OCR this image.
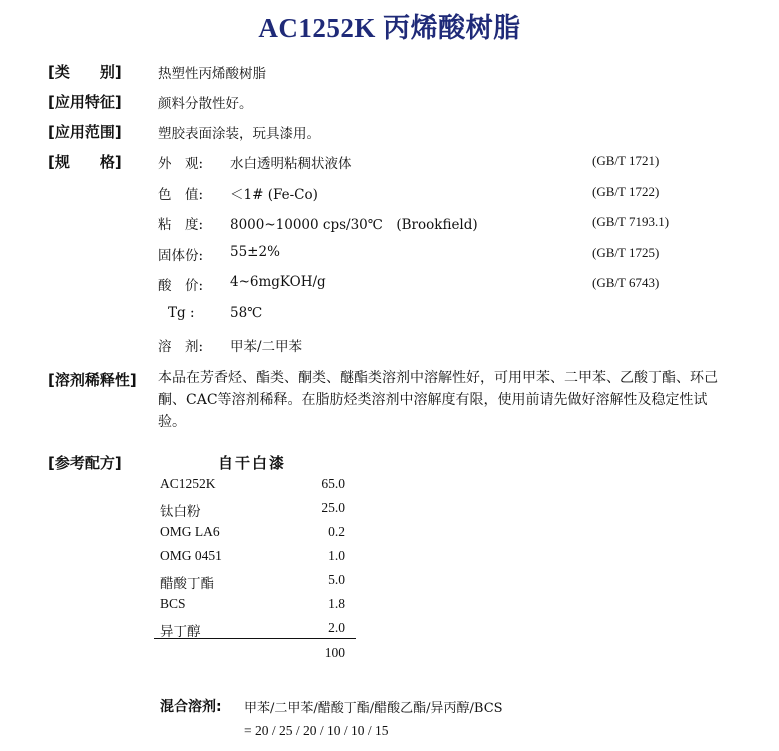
AC1252K 丙烯酸树脂
[类　　别]	热塑性丙烯酸树脂
[应用特征]	颜料分散性好。
[应用范围]	塑胶表面涂装，玩具漆用。
[规　　格]	外　观: 水白透明粘稠状液体	(GB/T 1721)
色　值: ＜1# (Fe-Co)	(GB/T 1722)
粘　度: 8000~10000 cps/30℃　(Brookfield)	(GB/T 7193.1)
固体份: 55±2%	(GB/T 1725)
酸　价: 4~6mgKOH/g	(GB/T 6743)
Tg :	58℃
溶　剂: 甲苯/二甲苯
[溶剂稀释性] 本品在芳香烃、酯类、酮类、醚酯类溶剂中溶解性好，可用甲苯、二甲苯、乙酸丁酯、环己酮、CAC等溶剂稀释。在脂肪烃类溶剂中溶解度有限，使用前请先做好溶解性及稳定性试验。
[参考配方]	自干白漆
AC1252K	65.0
钛白粉	25.0
OMG LA6	0.2
OMG 0451	1.0
醋酸丁酯	5.0
BCS	1.8
异丁醇	2.0
100
混合溶剂: 甲苯/二甲苯/醋酸丁酯/醋酸乙酯/异丙醇/BCS
= 20 / 25 / 20 / 10 / 10 / 15
